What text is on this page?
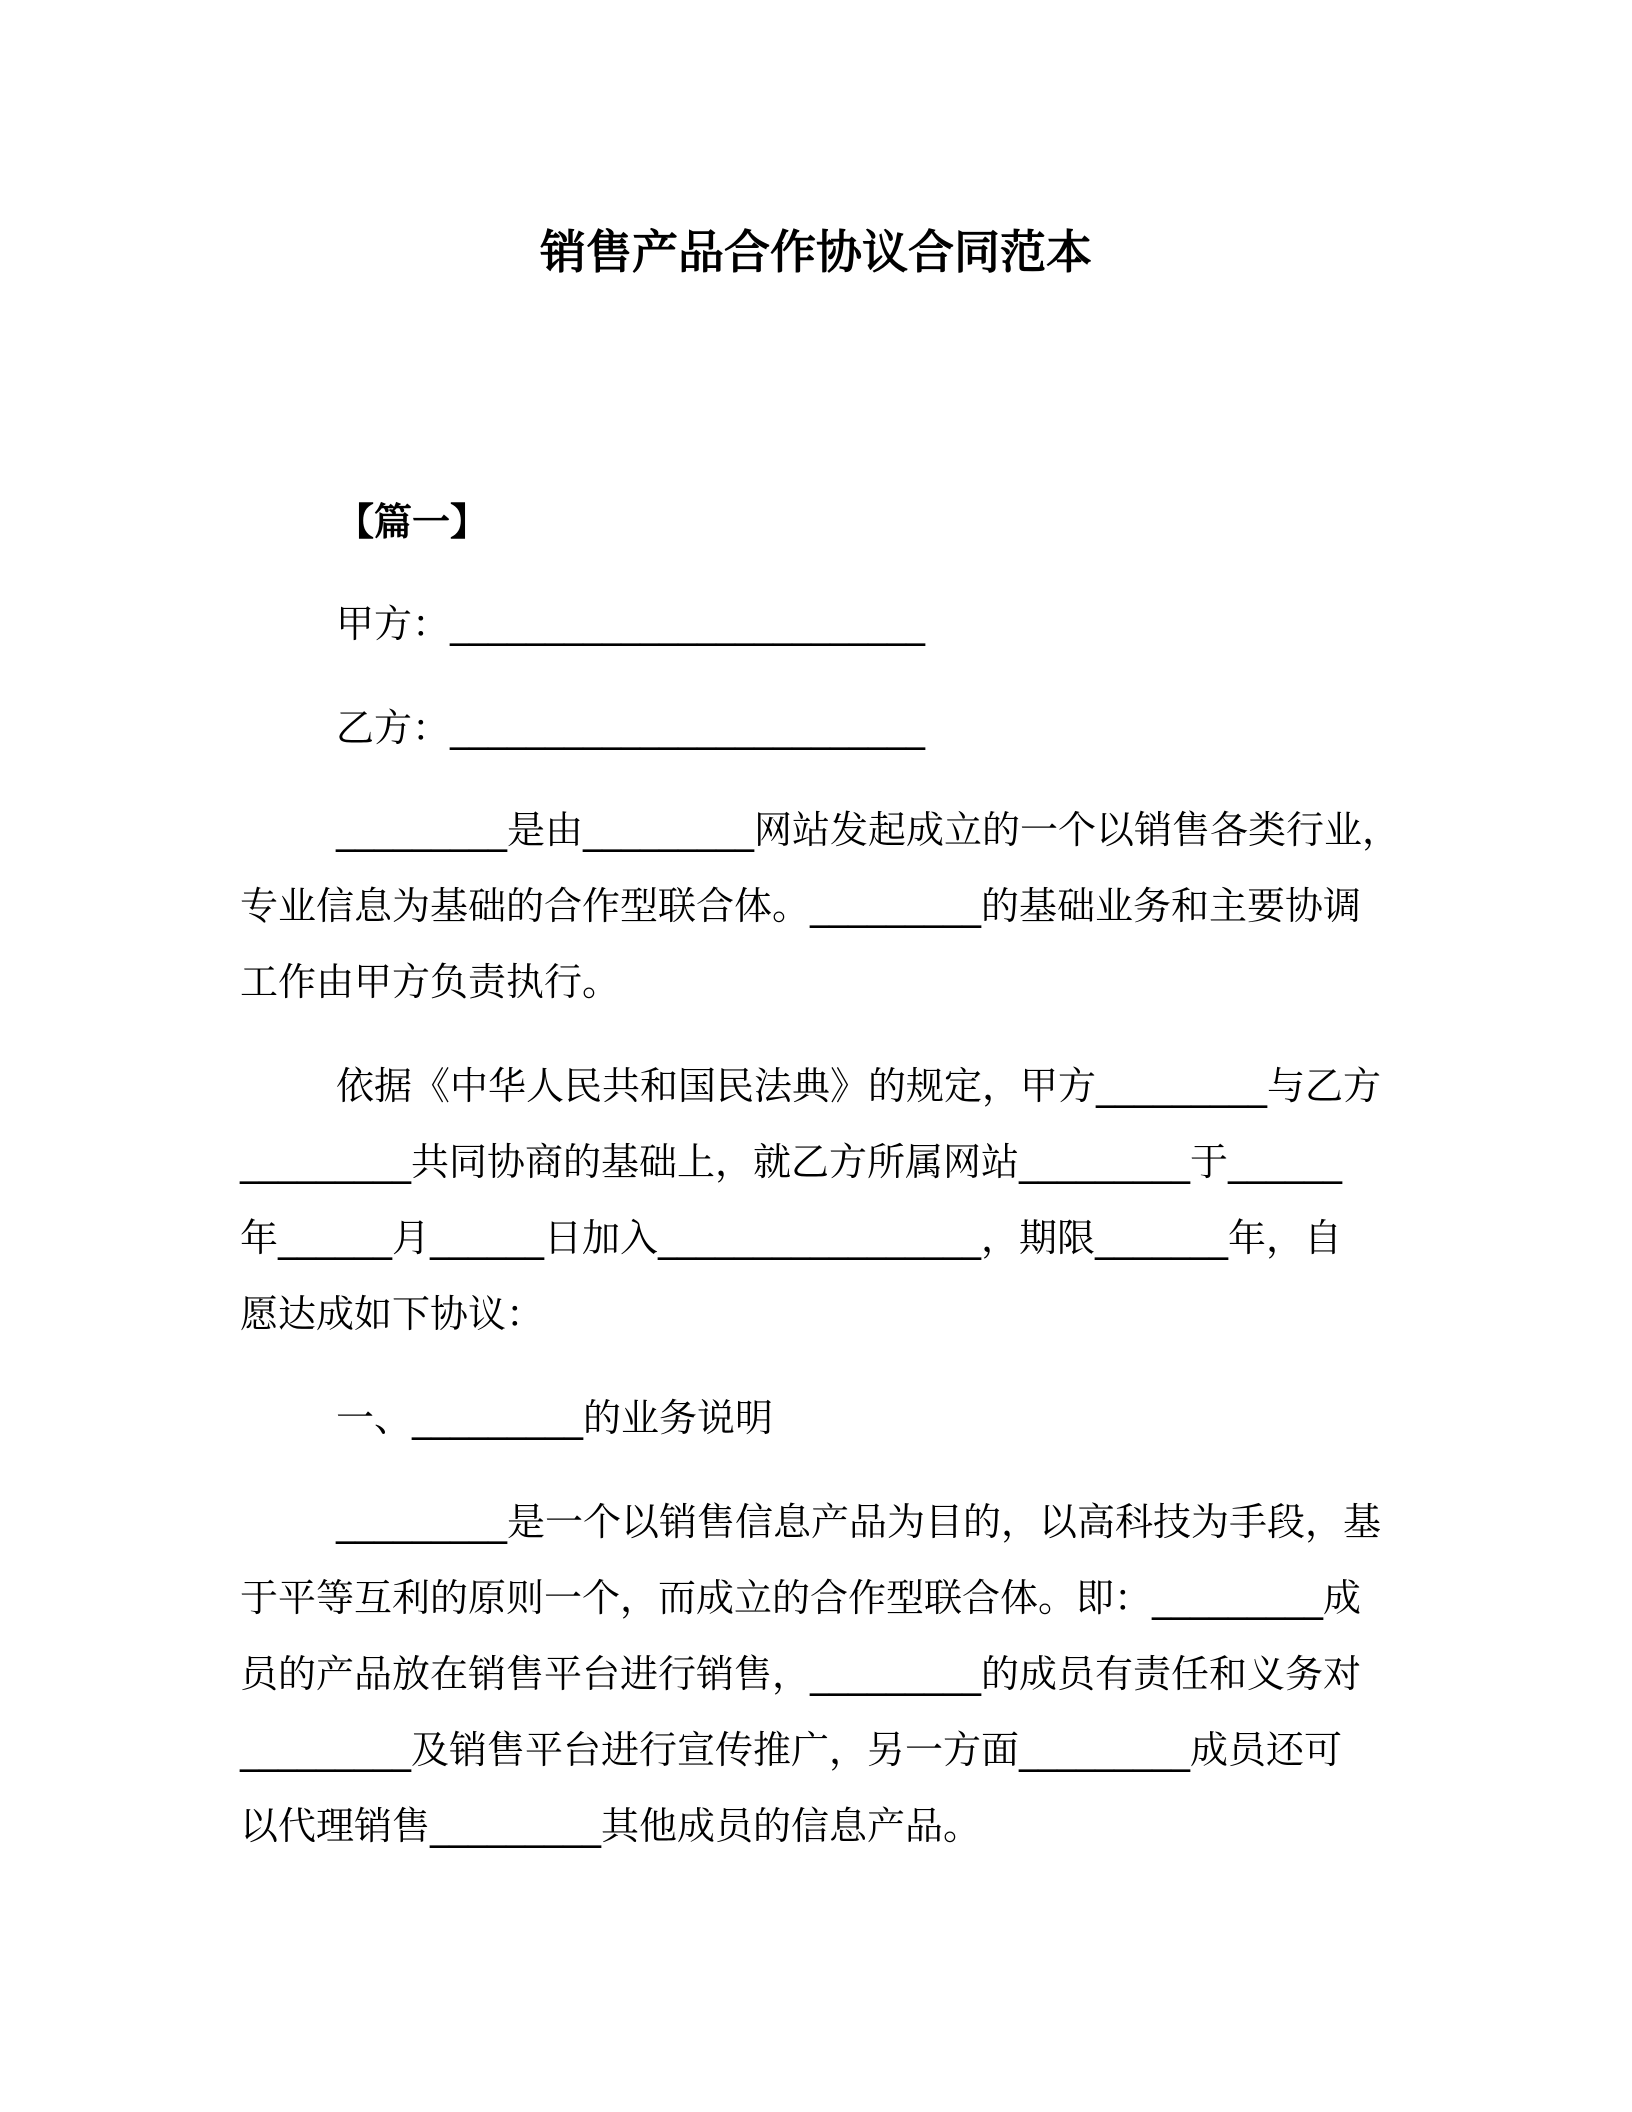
销售产品合作协议合同范本
【篇一】
甲方：_________________________
乙方：_________________________
_________是由_________网站发起成立的一个以销售各类行业，
专业信息为基础的合作型联合体。_________的基础业务和主要协调
工作由甲方负责执行。
依据《中华人民共和国民法典》的规定，甲方_________与乙方
_________共同协商的基础上，就乙方所属网站_________于______
年______月______日加入_________________，期限_______年，自
愿达成如下协议：
一、_________的业务说明
_________是一个以销售信息产品为目的，以高科技为手段，基
于平等互利的原则一个，而成立的合作型联合体。即：_________成
员的产品放在销售平台进行销售，_________的成员有责任和义务对
_________及销售平台进行宣传推广，另一方面_________成员还可
以代理销售_________其他成员的信息产品。
